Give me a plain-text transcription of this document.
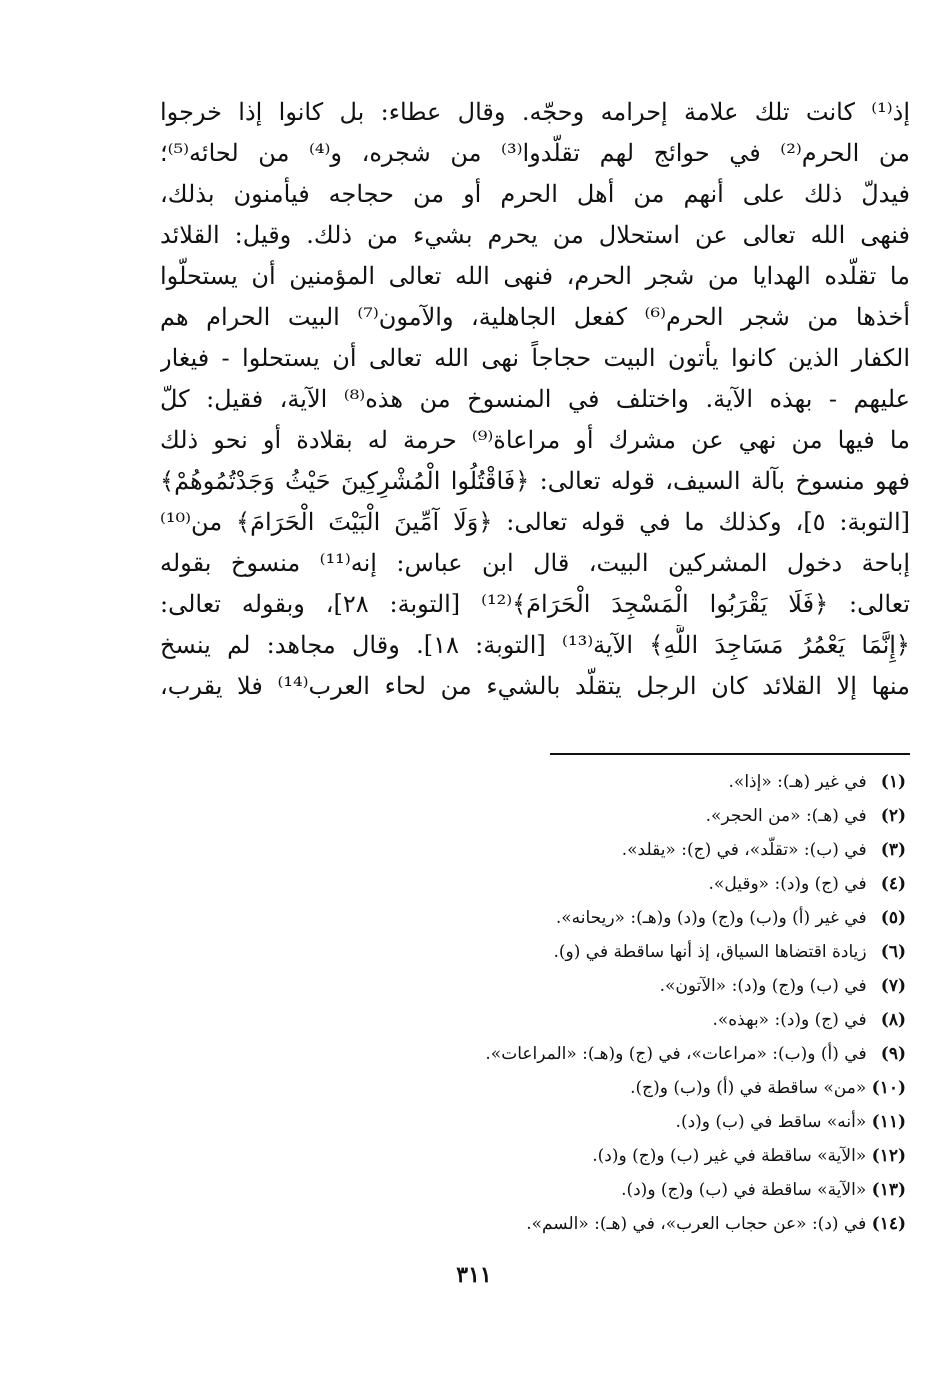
إذ⁽¹⁾ كانت تلك علامة إحرامه وحجّه. وقال عطاء: بل كانوا إذا خرجوا
من الحرم⁽²⁾ في حوائج لهم تقلّدوا⁽³⁾ من شجره، و⁽⁴⁾ من لحائه⁽⁵⁾؛
فيدلّ ذلك على أنهم من أهل الحرم أو من حجاجه فيأمنون بذلك،
فنهى الله تعالى عن استحلال من يحرم بشيء من ذلك. وقيل: القلائد
ما تقلّده الهدايا من شجر الحرم، فنهى الله تعالى المؤمنين أن يستحلّوا
أخذها من شجر الحرم⁽⁶⁾ كفعل الجاهلية، والآمون⁽⁷⁾ البيت الحرام هم
الكفار الذين كانوا يأتون البيت حجاجاً نهى الله تعالى أن يستحلوا - فيغار
عليهم - بهذه الآية. واختلف في المنسوخ من هذه⁽⁸⁾ الآية، فقيل: كلّ
ما فيها من نهي عن مشرك أو مراعاة⁽⁹⁾ حرمة له بقلادة أو نحو ذلك
فهو منسوخ بآلة السيف، قوله تعالى: ﴿فَاقْتُلُوا الْمُشْرِكِينَ حَيْثُ وَجَدْتُمُوهُمْ﴾
[التوبة: ٥]، وكذلك ما في قوله تعالى: ﴿وَلَا آمِّينَ الْبَيْتَ الْحَرَامَ﴾ من⁽¹⁰⁾
إباحة دخول المشركين البيت، قال ابن عباس: إنه⁽¹¹⁾ منسوخ بقوله
تعالى: ﴿فَلَا يَقْرَبُوا الْمَسْجِدَ الْحَرَامَ﴾⁽¹²⁾ [التوبة: ٢٨]، وبقوله تعالى:
﴿إِنَّمَا يَعْمُرُ مَسَاجِدَ اللَّهِ﴾ الآية⁽¹³⁾ [التوبة: ١٨]. وقال مجاهد: لم ينسخ
منها إلا القلائد كان الرجل يتقلّد بالشيء من لحاء العرب⁽¹⁴⁾ فلا يقرب،
(١) في غير (هـ): «إذا».
(٢) في (هـ): «من الحجر».
(٣) في (ب): «تقلّد»، في (ج): «يقلد».
(٤) في (ج) و(د): «وقيل».
(٥) في غير (أ) و(ب) و(ج) و(د) و(هـ): «ريحانه».
(٦) زيادة اقتضاها السياق، إذ أنها ساقطة في (و).
(٧) في (ب) و(ج) و(د): «الآتون».
(٨) في (ج) و(د): «بهذه».
(٩) في (أ) و(ب): «مراعات»، في (ج) و(هـ): «المراعات».
(١٠) «من» ساقطة في (أ) و(ب) و(ج).
(١١) «أنه» ساقط في (ب) و(د).
(١٢) «الآية» ساقطة في غير (ب) و(ج) و(د).
(١٣) «الآية» ساقطة في (ب) و(ج) و(د).
(١٤) في (د): «عن حجاب العرب»، في (هـ): «السم».
٣١١
